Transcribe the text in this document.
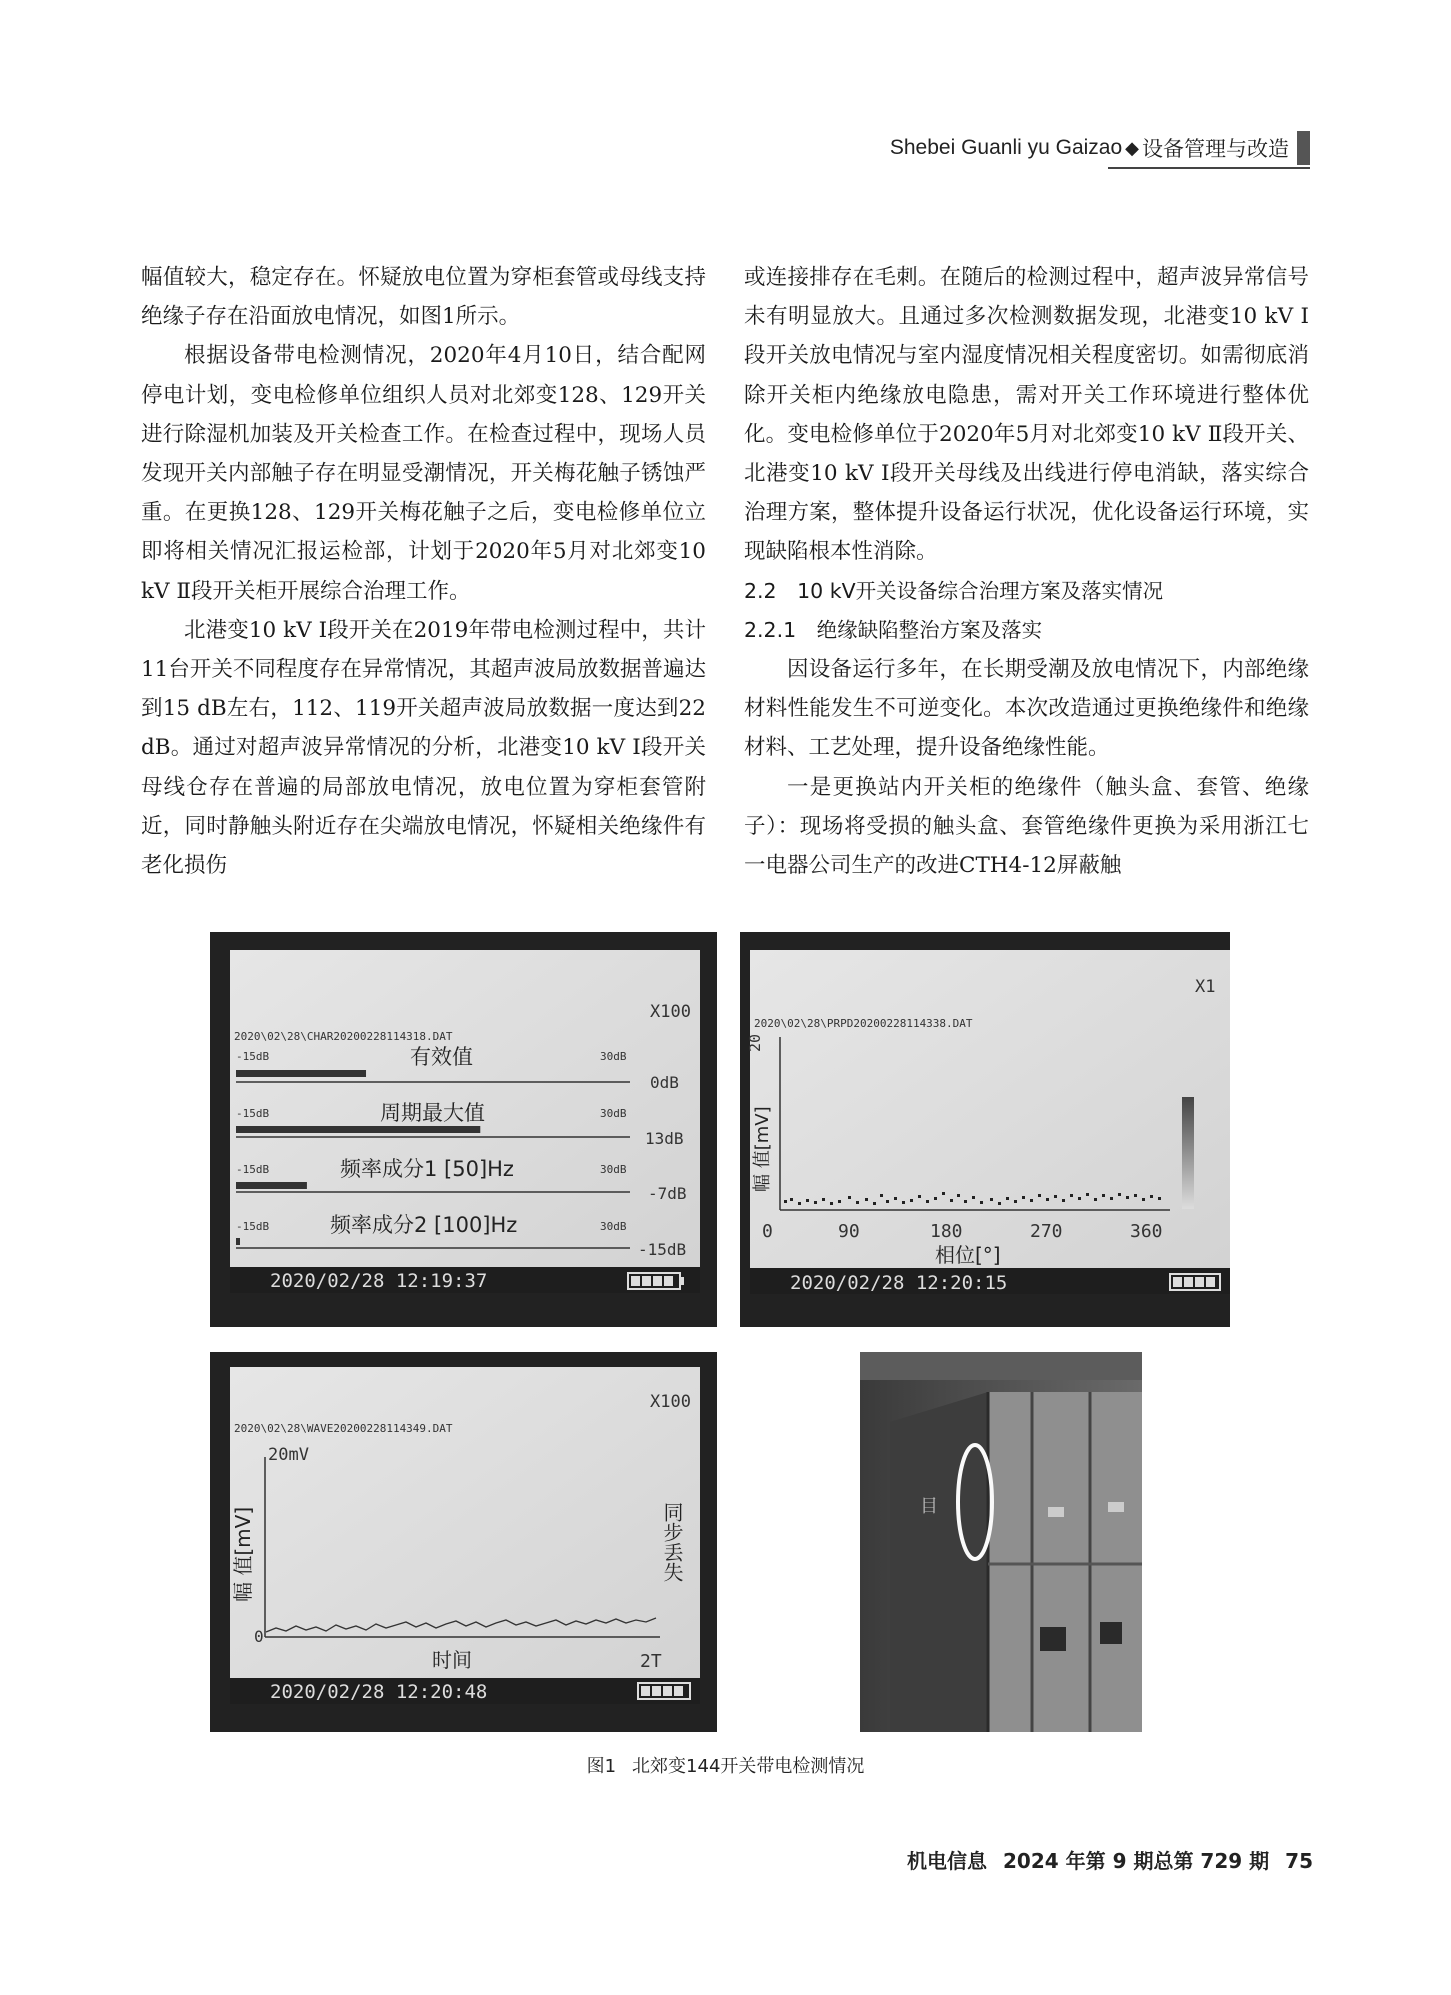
Shebei Guanli yu Gaizao ◆ 设备管理与改造

幅值较大，稳定存在。怀疑放电位置为穿柜套管或母线支持绝缘子存在沿面放电情况，如图1所示。

根据设备带电检测情况，2020年4月10日，结合配网停电计划，变电检修单位组织人员对北郊变128、129开关进行除湿机加装及开关检查工作。在检查过程中，现场人员发现开关内部触子存在明显受潮情况，开关梅花触子锈蚀严重。在更换128、129开关梅花触子之后，变电检修单位立即将相关情况汇报运检部，计划于2020年5月对北郊变10 kV Ⅱ段开关柜开展综合治理工作。

北港变10 kV Ⅰ段开关在2019年带电检测过程中，共计11台开关不同程度存在异常情况，其超声波局放数据普遍达到15 dB左右，112、119开关超声波局放数据一度达到22 dB。通过对超声波异常情况的分析，北港变10 kV Ⅰ段开关母线仓存在普遍的局部放电情况，放电位置为穿柜套管附近，同时静触头附近存在尖端放电情况，怀疑相关绝缘件有老化损伤

或连接排存在毛刺。在随后的检测过程中，超声波异常信号未有明显放大。且通过多次检测数据发现，北港变10 kV Ⅰ段开关放电情况与室内湿度情况相关程度密切。如需彻底消除开关柜内绝缘放电隐患，需对开关工作环境进行整体优化。变电检修单位于2020年5月对北郊变10 kV Ⅱ段开关、北港变10 kV Ⅰ段开关母线及出线进行停电消缺，落实综合治理方案，整体提升设备运行状况，优化设备运行环境，实现缺陷根本性消除。

2.2　10 kV开关设备综合治理方案及落实情况

2.2.1　绝缘缺陷整治方案及落实

因设备运行多年，在长期受潮及放电情况下，内部绝缘材料性能发生不可逆变化。本次改造通过更换绝缘件和绝缘材料、工艺处理，提升设备绝缘性能。

一是更换站内开关柜的绝缘件（触头盒、套管、绝缘子）：现场将受损的触头盒、套管绝缘件更换为采用浙江七一电器公司生产的改进CTH4-12屏蔽触

X100
2020\02\28\CHAR20200228114318.DAT
-15dB	30dB
有效值
0dB
-15dB	30dB
周期最大值
13dB
-15dB	30dB
频率成分1 [50]Hz
-7dB
-15dB	30dB
频率成分2 [100]Hz
-15dB
2020/02/28 12:19:37
X1
2020\02\28\PRPD20200228114338.DAT
20
幅 值[mV]
0	90	180	270	360
相位[°]
2020/02/28 12:20:15
X100
2020\02\28\WAVE20200228114349.DAT
20mV
幅 值[mV]
0
时间	2T
同步丢失
2020/02/28 12:20:48
目
图1 北郊变144开关带电检测情况
机电信息 2024 年第 9 期总第 729 期 75
